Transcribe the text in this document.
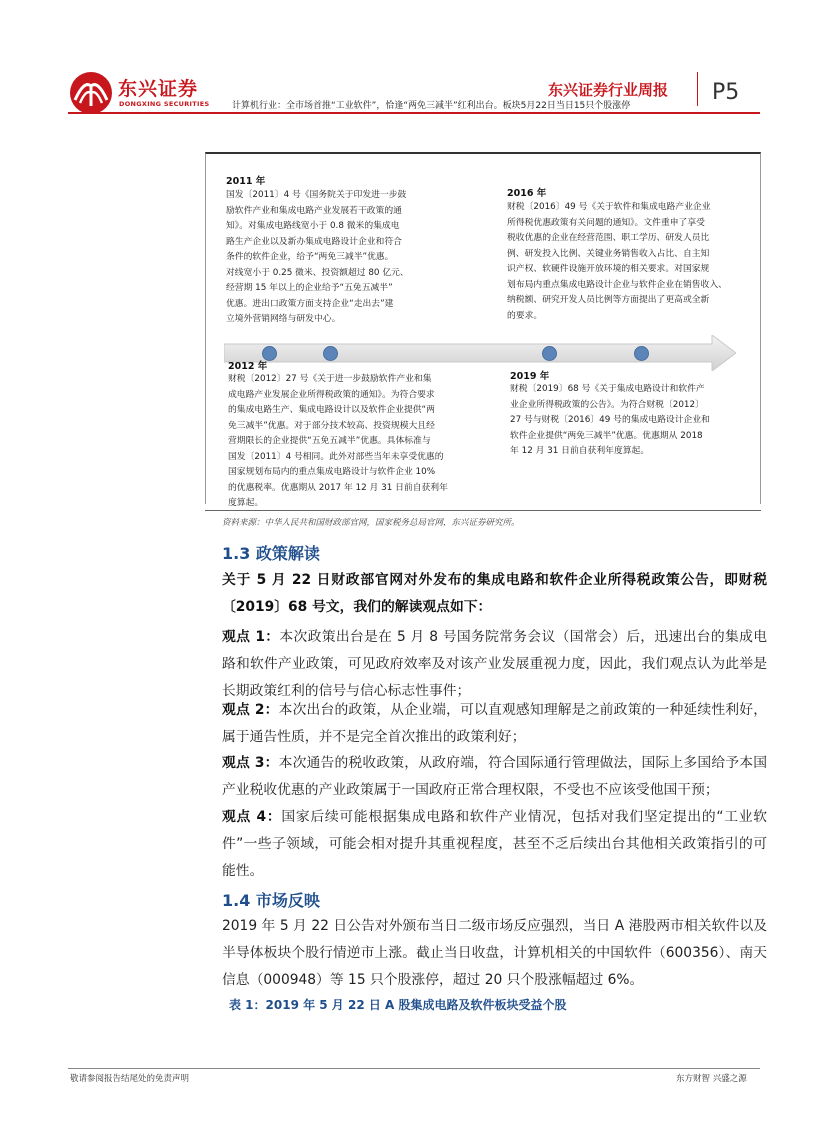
东兴证券
DONGXING SECURITIES
东兴证券行业周报
计算机行业：全市场首推“工业软件”，恰逢“两免三减半”红利出台。板块5月22日当日15只个股涨停
P5
2011 年
国发〔2011〕4 号《国务院关于印发进一步鼓
励软件产业和集成电路产业发展若干政策的通
知》。对集成电路线宽小于 0.8 微米的集成电
路生产企业以及新办集成电路设计企业和符合
条件的软件企业，给予“两免三减半”优惠。
对线宽小于 0.25 微米、投资额超过 80 亿元、
经营期 15 年以上的企业给予“五免五减半”
优惠。进出口政策方面支持企业“走出去”建
立境外营销网络与研发中心。
2016 年
财税〔2016〕49 号《关于软件和集成电路产业企业
所得税优惠政策有关问题的通知》。文件重申了享受
税收优惠的企业在经营范围、职工学历、研发人员比
例、研发投入比例、关键业务销售收入占比、自主知
识产权、软硬件设施开放环境的相关要求。对国家规
划布局内重点集成电路设计企业与软件企业在销售收入、
纳税额、研究开发人员比例等方面提出了更高或全新
的要求。
2012 年
财税〔2012〕27 号《关于进一步鼓励软件产业和集
成电路产业发展企业所得税政策的通知》。为符合要求
的集成电路生产、集成电路设计以及软件企业提供“两
免三减半”优惠。对于部分技术较高、投资规模大且经
营期限长的企业提供“五免五减半”优惠。具体标准与
国发〔2011〕4 号相同。此外对部些当年未享受优惠的
国家规划布局内的重点集成电路设计与软件企业 10%
的优惠税率。优惠期从 2017 年 12 月 31 日前自获利年
度算起。
2019 年
财税〔2019〕68 号《关于集成电路设计和软件产
业企业所得税政策的公告》。为符合财税〔2012〕
27 号与财税〔2016〕49 号的集成电路设计企业和
软件企业提供“两免三减半”优惠。优惠期从 2018
年 12 月 31 日前自获利年度算起。
资料来源：中华人民共和国财政部官网，国家税务总局官网，东兴证券研究所。
1.3 政策解读
关于 5 月 22 日财政部官网对外发布的集成电路和软件企业所得税政策公告，即财税〔2019〕68 号文，我们的解读观点如下：
观点 1：本次政策出台是在 5 月 8 号国务院常务会议（国常会）后，迅速出台的集成电路和软件产业政策，可见政府效率及对该产业发展重视力度，因此，我们观点认为此举是长期政策红利的信号与信心标志性事件；
观点 2：本次出台的政策，从企业端，可以直观感知理解是之前政策的一种延续性利好，属于通告性质，并不是完全首次推出的政策利好；
观点 3：本次通告的税收政策，从政府端，符合国际通行管理做法，国际上多国给予本国产业税收优惠的产业政策属于一国政府正常合理权限，不受也不应该受他国干预；
观点 4：国家后续可能根据集成电路和软件产业情况，包括对我们坚定提出的“工业软件”一些子领域，可能会相对提升其重视程度，甚至不乏后续出台其他相关政策指引的可能性。
1.4 市场反映
2019 年 5 月 22 日公告对外颁布当日二级市场反应强烈，当日 A 港股两市相关软件以及半导体板块个股行情逆市上涨。截止当日收盘，计算机相关的中国软件（600356）、南天信息（000948）等 15 只个股涨停，超过 20 只个股涨幅超过 6%。
表 1：2019 年 5 月 22 日 A 股集成电路及软件板块受益个股
敬请参阅报告结尾处的免责声明	东方财智 兴盛之源
